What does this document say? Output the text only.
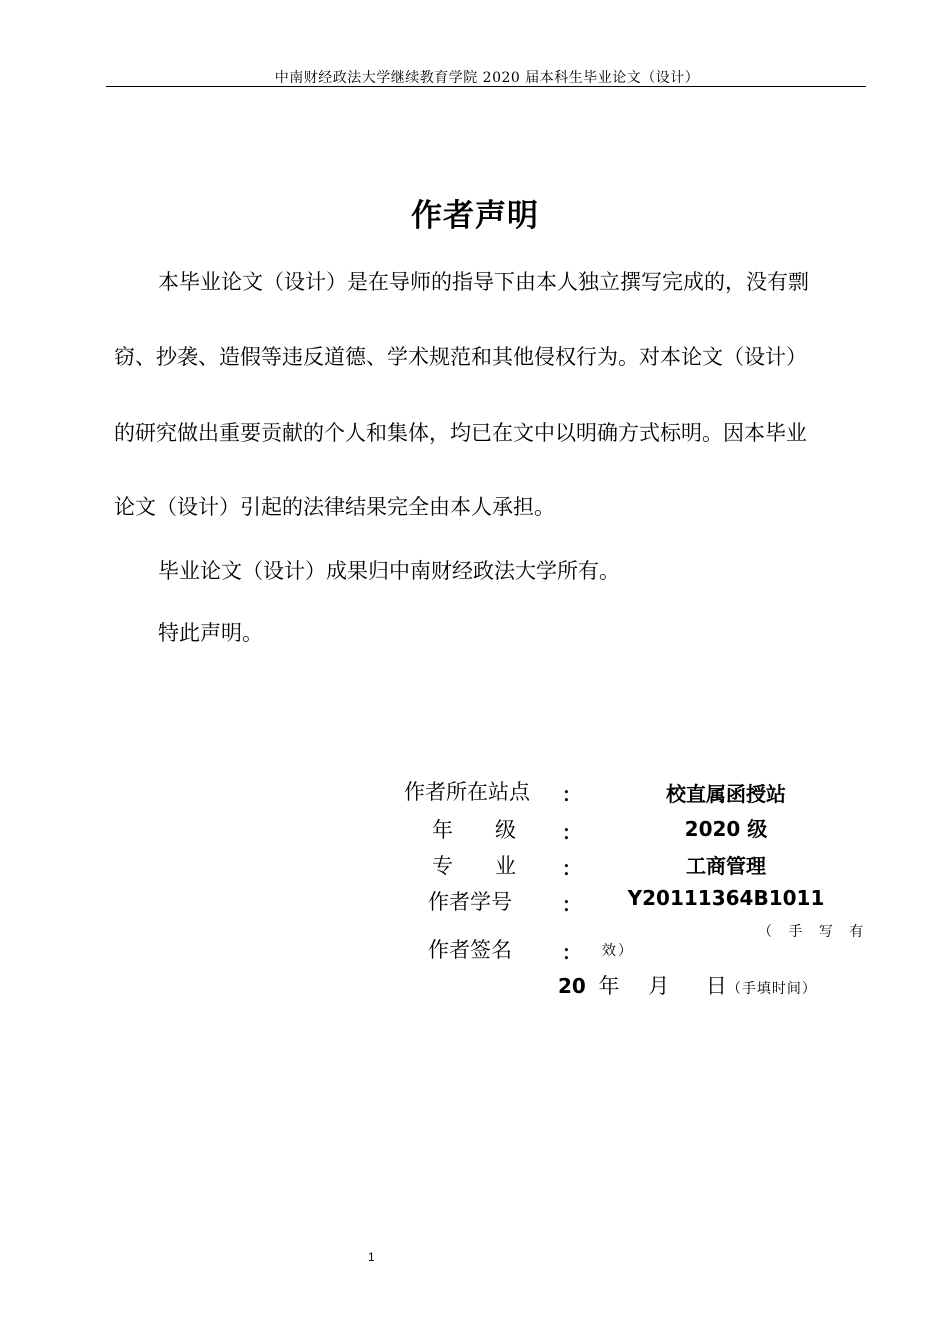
中南财经政法大学继续教育学院 2020 届本科生毕业论文（设计）
作者声明
本毕业论文（设计）是在导师的指导下由本人独立撰写完成的，没有剽
窃、抄袭、造假等违反道德、学术规范和其他侵权行为。对本论文（设计）
的研究做出重要贡献的个人和集体，均已在文中以明确方式标明。因本毕业
论文（设计）引起的法律结果完全由本人承担。
毕业论文（设计）成果归中南财经政法大学所有。
特此声明。
作者所在站点 ：	校直属函授站
年　　级 ：	2020 级
专　　业 ：	工商管理
作者学号	：	Y20111364B1011
（ 手 写 有
作者签名	： 效）
20 年 月 日（手填时间）
1
